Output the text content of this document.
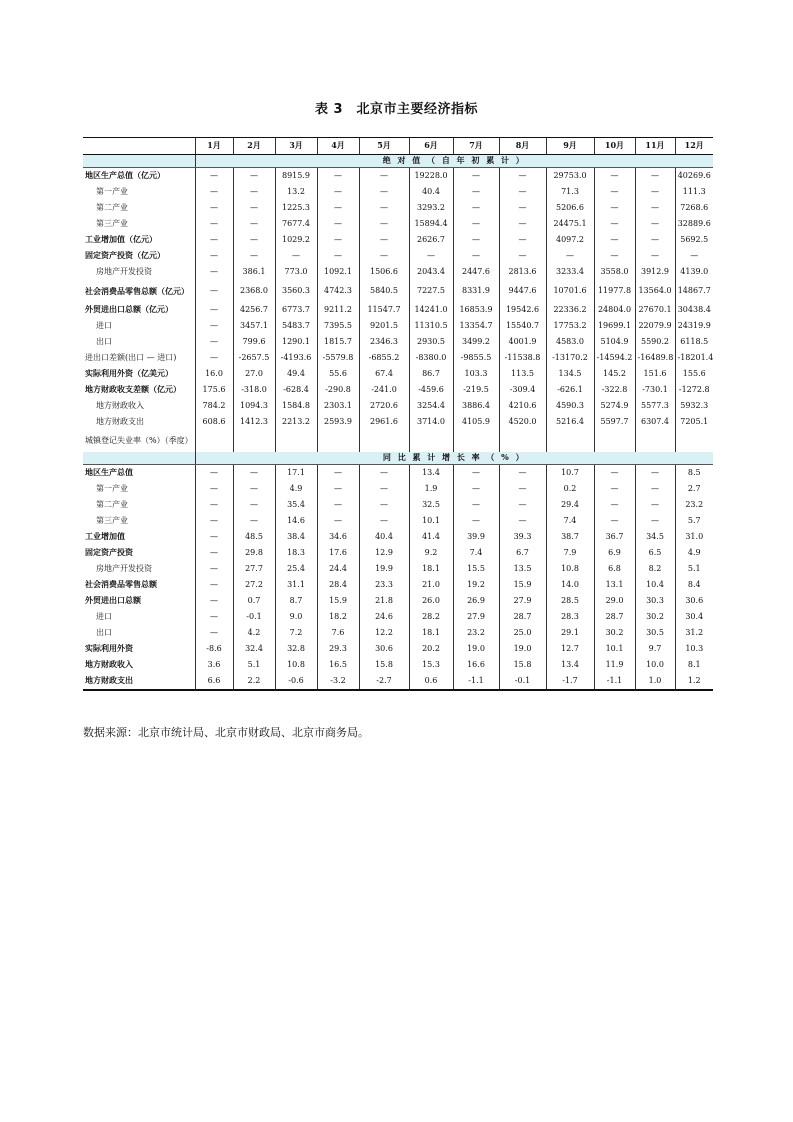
表 3　北京市主要经济指标
	1月	2月	3月	4月	5月	6月	7月	8月	9月	10月	11月	12月
	绝 对 值 （ 自 年 初 累 计 ）											
地区生产总值（亿元）	—	—	8915.9	—	—	19228.0	—	—	29753.0	—	—	40269.6
第一产业	—	—	13.2	—	—	40.4	—	—	71.3	—	—	111.3
第二产业	—	—	1225.3	—	—	3293.2	—	—	5206.6	—	—	7268.6
第三产业	—	—	7677.4	—	—	15894.4	—	—	24475.1	—	—	32889.6
工业增加值（亿元）	—	—	1029.2	—	—	2626.7	—	—	4097.2	—	—	5692.5
固定资产投资（亿元）	—	—	—	—	—	—	—	—	—	—	—	—
房地产开发投资	—	386.1	773.0	1092.1	1506.6	2043.4	2447.6	2813.6	3233.4	3558.0	3912.9	4139.0
社会消费品零售总额（亿元）	—	2368.0	3560.3	4742.3	5840.5	7227.5	8331.9	9447.6	10701.6	11977.8	13564.0	14867.7
外贸进出口总额（亿元）	—	4256.7	6773.7	9211.2	11547.7	14241.0	16853.9	19542.6	22336.2	24804.0	27670.1	30438.4
进口	—	3457.1	5483.7	7395.5	9201.5	11310.5	13354.7	15540.7	17753.2	19699.1	22079.9	24319.9
出口	—	799.6	1290.1	1815.7	2346.3	2930.5	3499.2	4001.9	4583.0	5104.9	5590.2	6118.5
进出口差额(出口 — 进口)	—	-2657.5	-4193.6	-5579.8	-6855.2	-8380.0	-9855.5	-11538.8	-13170.2	-14594.2	-16489.8	-18201.4
实际利用外资（亿美元）	16.0	27.0	49.4	55.6	67.4	86.7	103.3	113.5	134.5	145.2	151.6	155.6
地方财政收支差额（亿元）	175.6	-318.0	-628.4	-290.8	-241.0	-459.6	-219.5	-309.4	-626.1	-322.8	-730.1	-1272.8
地方财政收入	784.2	1094.3	1584.8	2303.1	2720.6	3254.4	3886.4	4210.6	4590.3	5274.9	5577.3	5932.3
地方财政支出	608.6	1412.3	2213.2	2593.9	2961.6	3714.0	4105.9	4520.0	5216.4	5597.7	6307.4	7205.1
城镇登记失业率（%）（季度）												
	同 比 累 计 增 长 率 （ % ）											
地区生产总值	—	—	17.1	—	—	13.4	—	—	10.7	—	—	8.5
第一产业	—	—	4.9	—	—	1.9	—	—	0.2	—	—	2.7
第二产业	—	—	35.4	—	—	32.5	—	—	29.4	—	—	23.2
第三产业	—	—	14.6	—	—	10.1	—	—	7.4	—	—	5.7
工业增加值	—	48.5	38.4	34.6	40.4	41.4	39.9	39.3	38.7	36.7	34.5	31.0
固定资产投资	—	29.8	18.3	17.6	12.9	9.2	7.4	6.7	7.9	6.9	6.5	4.9
房地产开发投资	—	27.7	25.4	24.4	19.9	18.1	15.5	13.5	10.8	6.8	8.2	5.1
社会消费品零售总额	—	27.2	31.1	28.4	23.3	21.0	19.2	15.9	14.0	13.1	10.4	8.4
外贸进出口总额	—	0.7	8.7	15.9	21.8	26.0	26.9	27.9	28.5	29.0	30.3	30.6
进口	—	-0.1	9.0	18.2	24.6	28.2	27.9	28.7	28.3	28.7	30.2	30.4
出口	—	4.2	7.2	7.6	12.2	18.1	23.2	25.0	29.1	30.2	30.5	31.2
实际利用外资	-8.6	32.4	32.8	29.3	30.6	20.2	19.0	19.0	12.7	10.1	9.7	10.3
地方财政收入	3.6	5.1	10.8	16.5	15.8	15.3	16.6	15.8	13.4	11.9	10.0	8.1
地方财政支出	6.6	2.2	-0.6	-3.2	-2.7	0.6	-1.1	-0.1	-1.7	-1.1	1.0	1.2
数据来源：北京市统计局、北京市财政局、北京市商务局。
